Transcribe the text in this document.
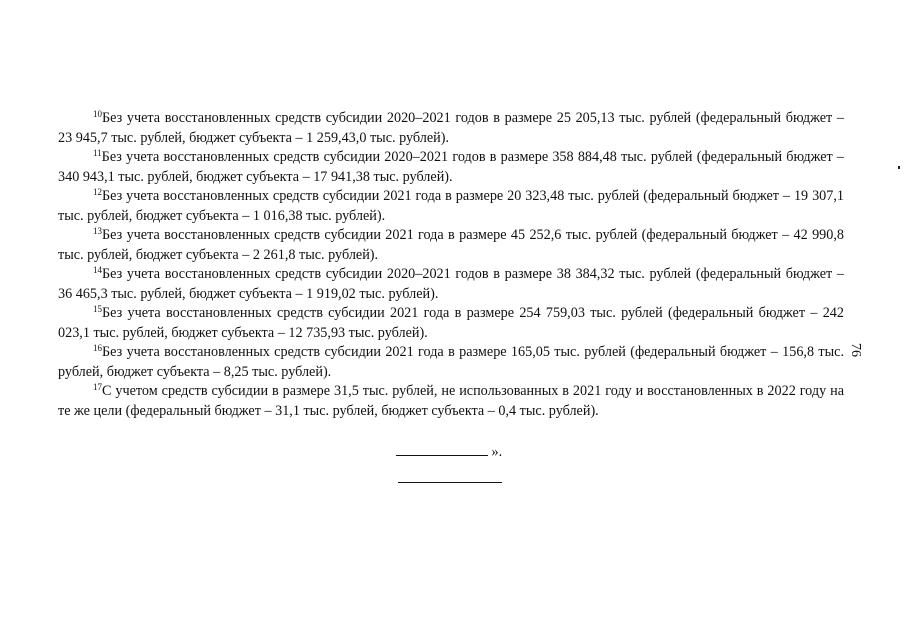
$^{10}$Без учета восстановленных средств субсидии 2020–2021 годов в размере 25 205,13 тыс. рублей (федеральный бюджет – 23 945,7 тыс. рублей, бюджет субъекта – 1 259,43,0 тыс. рублей).

$^{11}$Без учета восстановленных средств субсидии 2020–2021 годов в размере 358 884,48 тыс. рублей (федеральный бюджет – 340 943,1 тыс. рублей, бюджет субъекта – 17 941,38 тыс. рублей).

$^{12}$Без учета восстановленных средств субсидии 2021 года в размере 20 323,48 тыс. рублей (федеральный бюджет – 19 307,1 тыс. рублей, бюджет субъекта – 1 016,38 тыс. рублей).

$^{13}$Без учета восстановленных средств субсидии 2021 года в размере 45 252,6 тыс. рублей (федеральный бюджет – 42 990,8 тыс. рублей, бюджет субъекта – 2 261,8 тыс. рублей).

$^{14}$Без учета восстановленных средств субсидии 2020–2021 годов в размере 38 384,32 тыс. рублей (федеральный бюджет – 36 465,3 тыс. рублей, бюджет субъекта – 1 919,02 тыс. рублей).

$^{15}$Без учета восстановленных средств субсидии 2021 года в размере 254 759,03 тыс. рублей (федеральный бюджет – 242 023,1 тыс. рублей, бюджет субъекта – 12 735,93 тыс. рублей).

$^{16}$Без учета восстановленных средств субсидии 2021 года в размере 165,05 тыс. рублей (федеральный бюджет – 156,8 тыс. рублей, бюджет субъекта – 8,25 тыс. рублей).

$^{17}$С учетом средств субсидии в размере 31,5 тыс. рублей, не использованных в 2021 году и восстановленных в 2022 году на те же цели (федеральный бюджет – 31,1 тыс. рублей, бюджет субъекта – 0,4 тыс. рублей).

».
76
